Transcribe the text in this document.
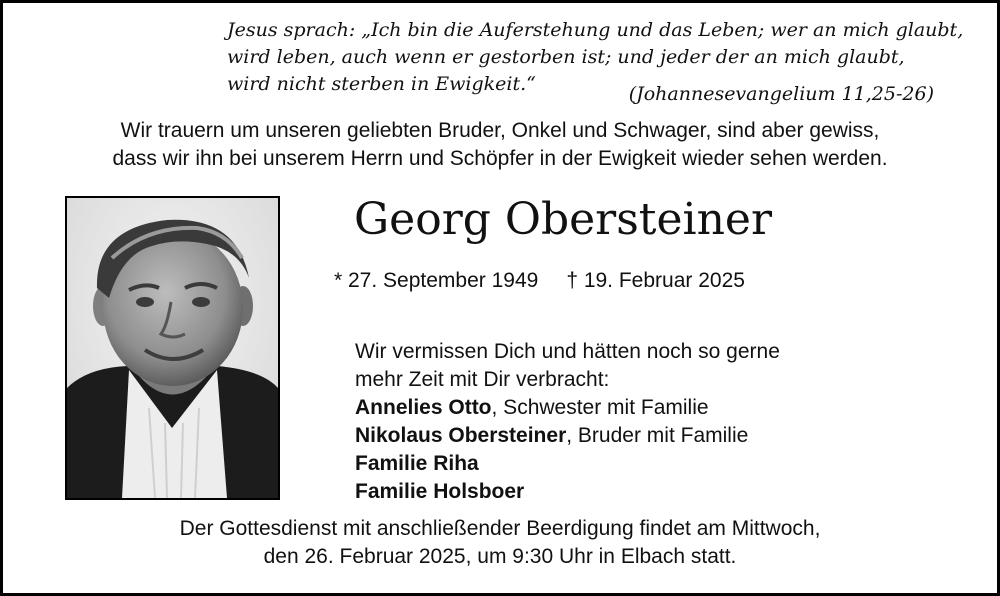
Jesus sprach: „Ich bin die Auferstehung und das Leben; wer an mich glaubt,
wird leben, auch wenn er gestorben ist; und jeder der an mich glaubt,
wird nicht sterben in Ewigkeit.“	(Johannesevangelium 11,25-26)
Wir trauern um unseren geliebten Bruder, Onkel und Schwager, sind aber gewiss,
dass wir ihn bei unserem Herrn und Schöpfer in der Ewigkeit wieder sehen werden.
Georg Obersteiner
* 27. September 1949 † 19. Februar 2025
Wir vermissen Dich und hätten noch so gerne
mehr Zeit mit Dir verbracht:
Annelies Otto, Schwester mit Familie
Nikolaus Obersteiner, Bruder mit Familie
Familie Riha
Familie Holsboer
Der Gottesdienst mit anschließender Beerdigung findet am Mittwoch,
den 26. Februar 2025, um 9:30 Uhr in Elbach statt.
